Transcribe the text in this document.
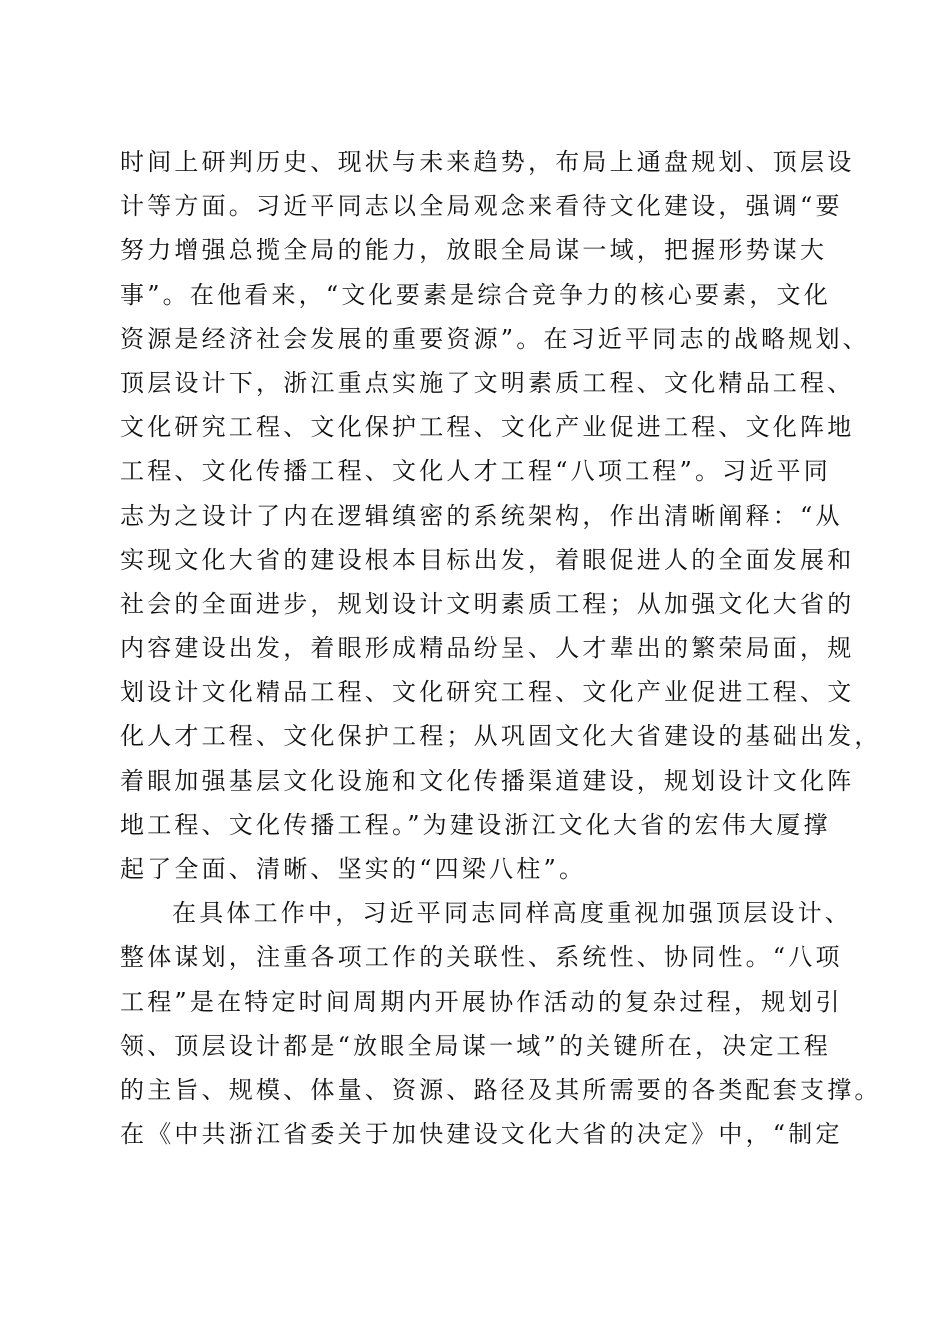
时间上研判历史、现状与未来趋势，布局上通盘规划、顶层设
计等方面。习近平同志以全局观念来看待文化建设，强调“要
努力增强总揽全局的能力，放眼全局谋一域，把握形势谋大
事”。在他看来，“文化要素是综合竞争力的核心要素，文化
资源是经济社会发展的重要资源”。在习近平同志的战略规划、
顶层设计下，浙江重点实施了文明素质工程、文化精品工程、
文化研究工程、文化保护工程、文化产业促进工程、文化阵地
工程、文化传播工程、文化人才工程“八项工程”。习近平同
志为之设计了内在逻辑缜密的系统架构，作出清晰阐释：“从
实现文化大省的建设根本目标出发，着眼促进人的全面发展和
社会的全面进步，规划设计文明素质工程；从加强文化大省的
内容建设出发，着眼形成精品纷呈、人才辈出的繁荣局面，规
划设计文化精品工程、文化研究工程、文化产业促进工程、文
化人才工程、文化保护工程；从巩固文化大省建设的基础出发，
着眼加强基层文化设施和文化传播渠道建设，规划设计文化阵
地工程、文化传播工程。”为建设浙江文化大省的宏伟大厦撑
起了全面、清晰、坚实的“四梁八柱”。
在具体工作中，习近平同志同样高度重视加强顶层设计、
整体谋划，注重各项工作的关联性、系统性、协同性。“八项
工程”是在特定时间周期内开展协作活动的复杂过程，规划引
领、顶层设计都是“放眼全局谋一域”的关键所在，决定工程
的主旨、规模、体量、资源、路径及其所需要的各类配套支撑。
在《中共浙江省委关于加快建设文化大省的决定》中，“制定
